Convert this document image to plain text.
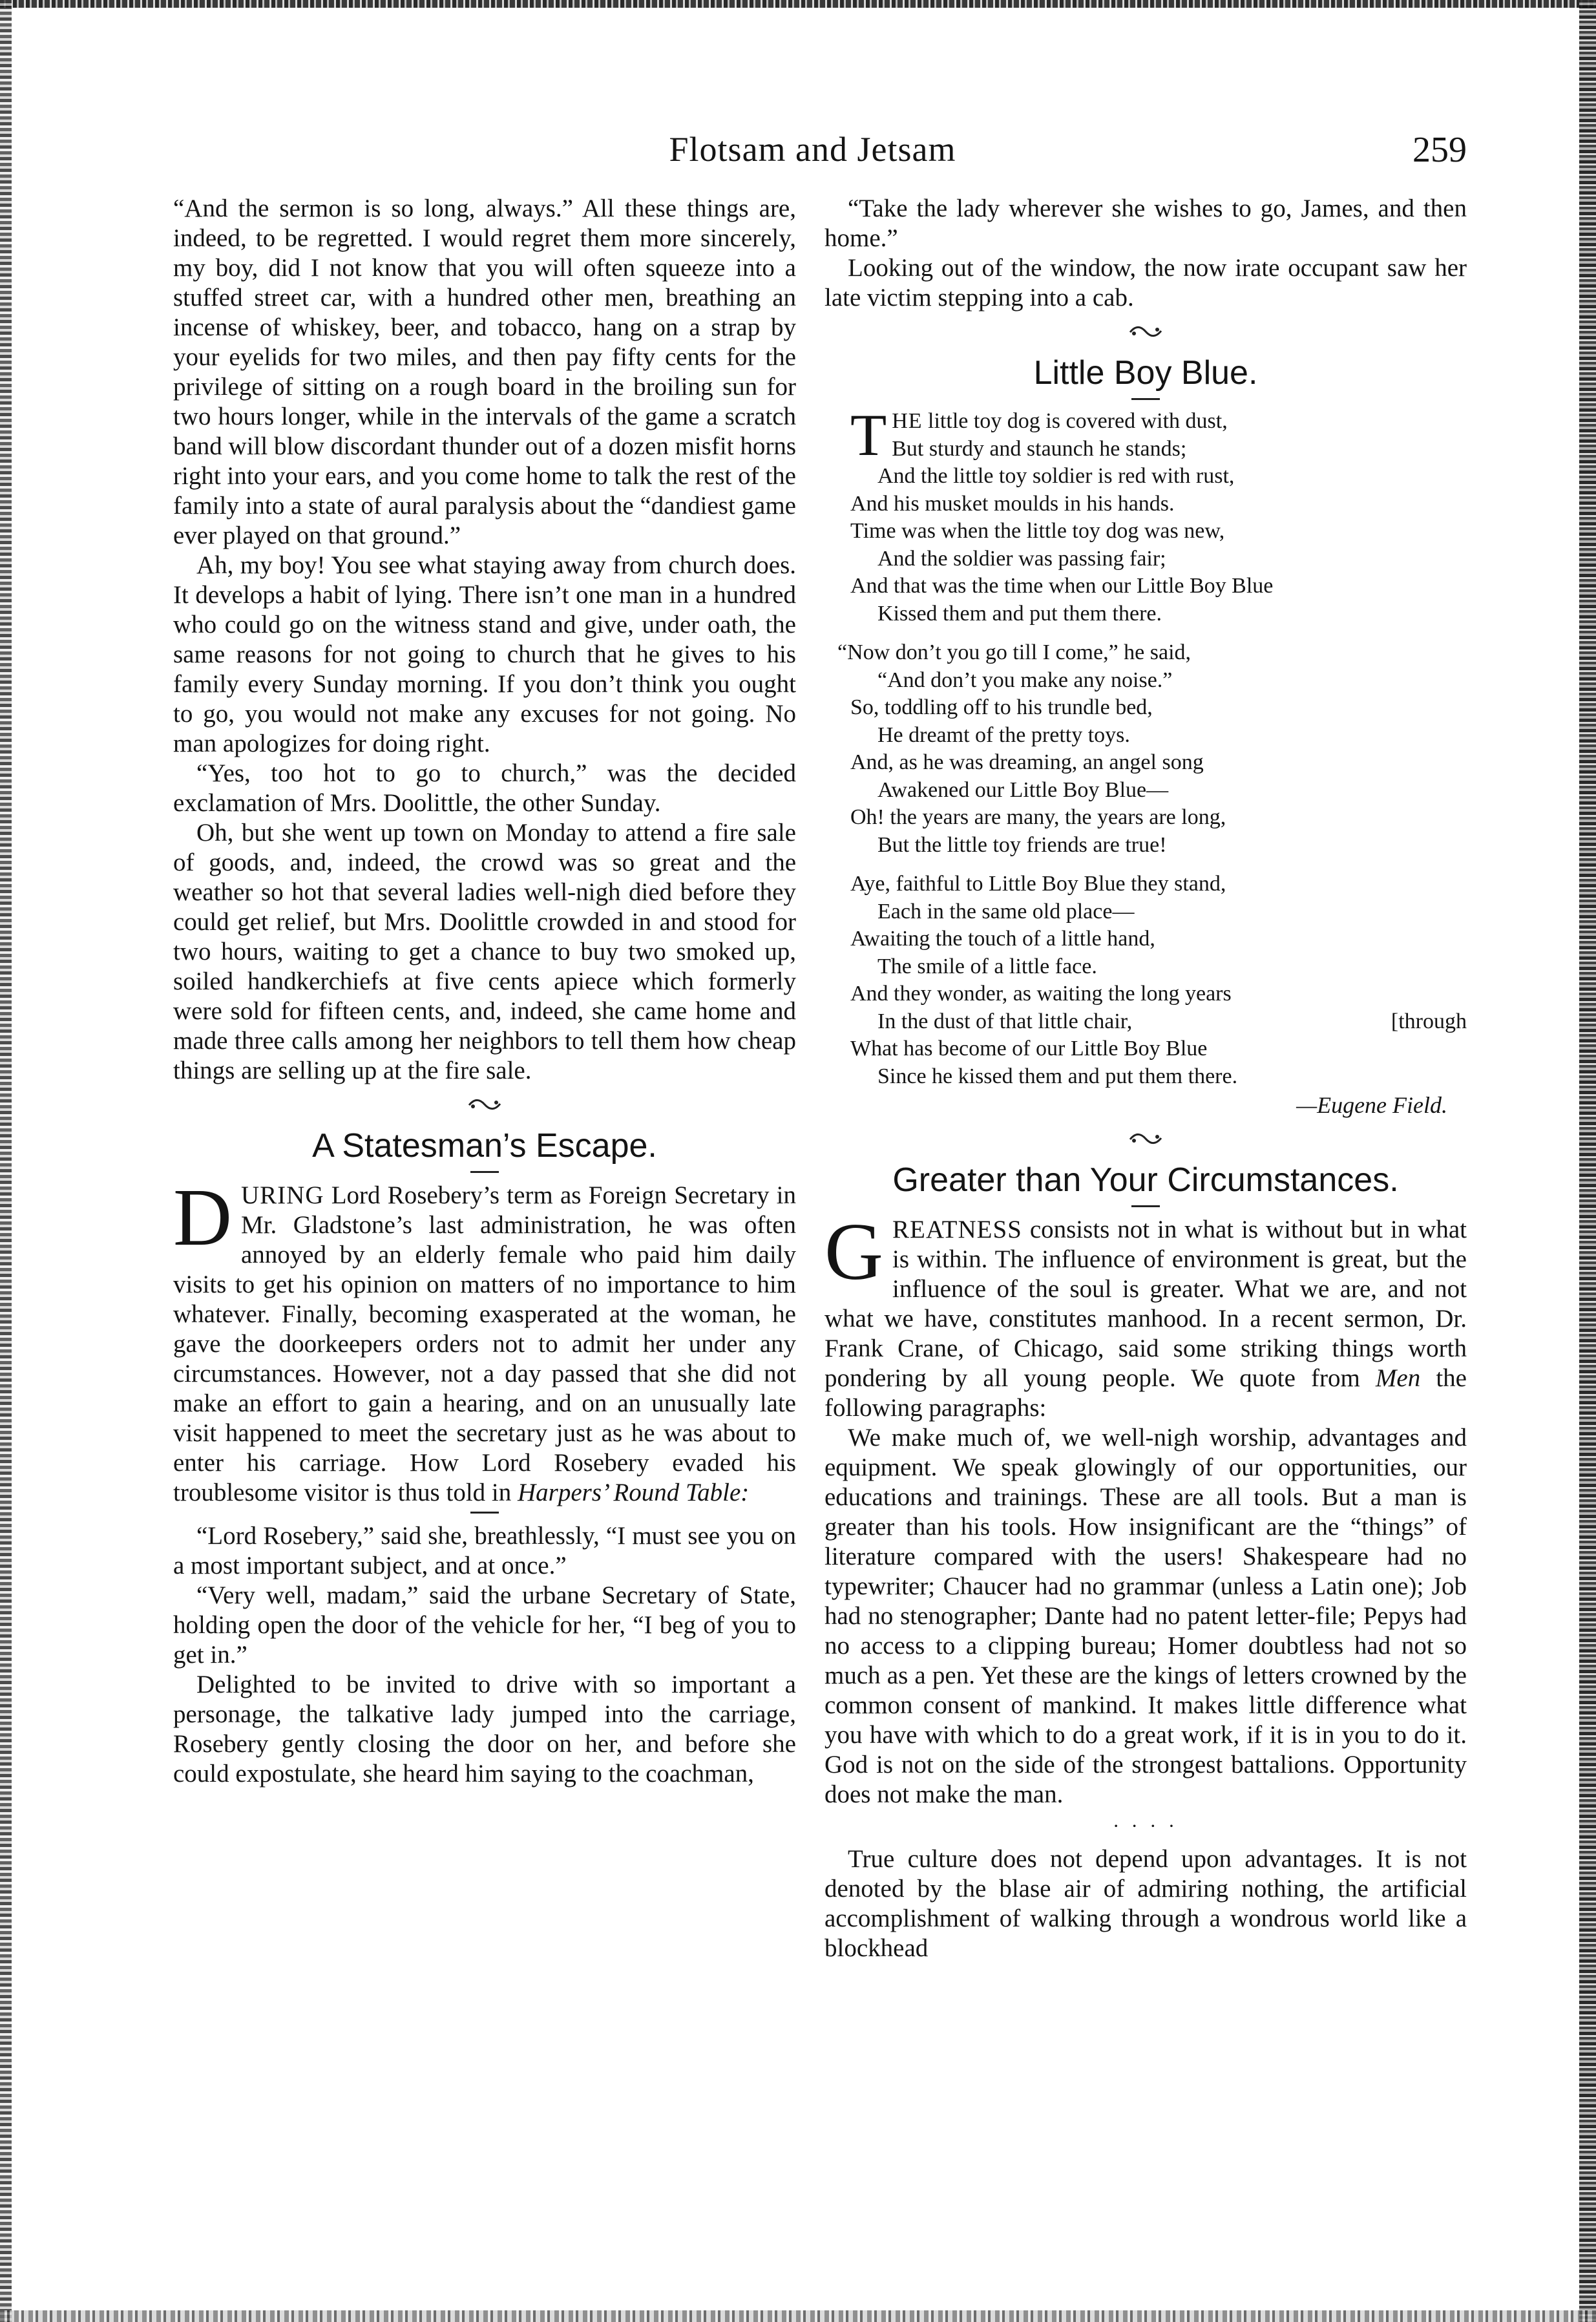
Flotsam and Jetsam	259

“And the sermon is so long, always.” All these things are, indeed, to be regretted. I would regret them more sincerely, my boy, did I not know that you will often squeeze into a stuffed street car, with a hundred other men, breathing an incense of whiskey, beer, and tobacco, hang on a strap by your eyelids for two miles, and then pay fifty cents for the privilege of sitting on a rough board in the broiling sun for two hours longer, while in the intervals of the game a scratch band will blow discordant thunder out of a dozen misfit horns right into your ears, and you come home to talk the rest of the family into a state of aural paralysis about the “dandiest game ever played on that ground.”

Ah, my boy! You see what staying away from church does. It develops a habit of lying. There isn’t one man in a hundred who could go on the witness stand and give, under oath, the same reasons for not going to church that he gives to his family every Sunday morning. If you don’t think you ought to go, you would not make any excuses for not going. No man apologizes for doing right.

“Yes, too hot to go to church,” was the decided exclamation of Mrs. Doolittle, the other Sunday.

Oh, but she went up town on Monday to attend a fire sale of goods, and, indeed, the crowd was so great and the weather so hot that several ladies well-nigh died before they could get relief, but Mrs. Doolittle crowded in and stood for two hours, waiting to get a chance to buy two smoked up, soiled handkerchiefs at five cents apiece which formerly were sold for fifteen cents, and, indeed, she came home and made three calls among her neighbors to tell them how cheap things are selling up at the fire sale.

A Statesman’s Escape.

DURING Lord Rosebery’s term as Foreign Secretary in Mr. Gladstone’s last administration, he was often annoyed by an elderly female who paid him daily visits to get his opinion on matters of no importance to him whatever. Finally, becoming exasperated at the woman, he gave the doorkeepers orders not to admit her under any circumstances. However, not a day passed that she did not make an effort to gain a hearing, and on an unusually late visit happened to meet the secretary just as he was about to enter his carriage. How Lord Rosebery evaded his troublesome visitor is thus told in Harpers’ Round Table:

“Lord Rosebery,” said she, breathlessly, “I must see you on a most important subject, and at once.”

“Very well, madam,” said the urbane Secretary of State, holding open the door of the vehicle for her, “I beg of you to get in.”

Delighted to be invited to drive with so important a personage, the talkative lady jumped into the carriage, Rosebery gently closing the door on her, and before she could expostulate, she heard him saying to the coachman,

“Take the lady wherever she wishes to go, James, and then home.”

Looking out of the window, the now irate occupant saw her late victim stepping into a cab.

Little Boy Blue.
THE little toy dog is covered with dust,
But sturdy and staunch he stands;
And the little toy soldier is red with rust,
And his musket moulds in his hands.
Time was when the little toy dog was new,
And the soldier was passing fair;
And that was the time when our Little Boy Blue
Kissed them and put them there.
“Now don’t you go till I come,” he said,
“And don’t you make any noise.”
So, toddling off to his trundle bed,
He dreamt of the pretty toys.
And, as he was dreaming, an angel song
Awakened our Little Boy Blue—
Oh! the years are many, the years are long,
But the little toy friends are true!
Aye, faithful to Little Boy Blue they stand,
Each in the same old place—
Awaiting the touch of a little hand,
The smile of a little face.
And they wonder, as waiting the long years
In the dust of that little chair,	[through
What has become of our Little Boy Blue
Since he kissed them and put them there.
—Eugene Field.
Greater than Your Circumstances.

GREATNESS consists not in what is without but in what is within. The influence of environment is great, but the influence of the soul is greater. What we are, and not what we have, constitutes manhood. In a recent sermon, Dr. Frank Crane, of Chicago, said some striking things worth pondering by all young people. We quote from Men the following paragraphs:

We make much of, we well-nigh worship, advantages and equipment. We speak glowingly of our opportunities, our educations and trainings. These are all tools. But a man is greater than his tools. How insignificant are the “things” of literature compared with the users! Shakespeare had no typewriter; Chaucer had no grammar (unless a Latin one); Job had no stenographer; Dante had no patent letter-file; Pepys had no access to a clipping bureau; Homer doubtless had not so much as a pen. Yet these are the kings of letters crowned by the common consent of mankind. It makes little difference what you have with which to do a great work, if it is in you to do it. God is not on the side of the strongest battalions. Opportunity does not make the man.

⋅ ⋅ ⋅ ⋅

True culture does not depend upon advantages. It is not denoted by the blase air of admiring nothing, the artificial accomplishment of walking through a wondrous world like a blockhead
